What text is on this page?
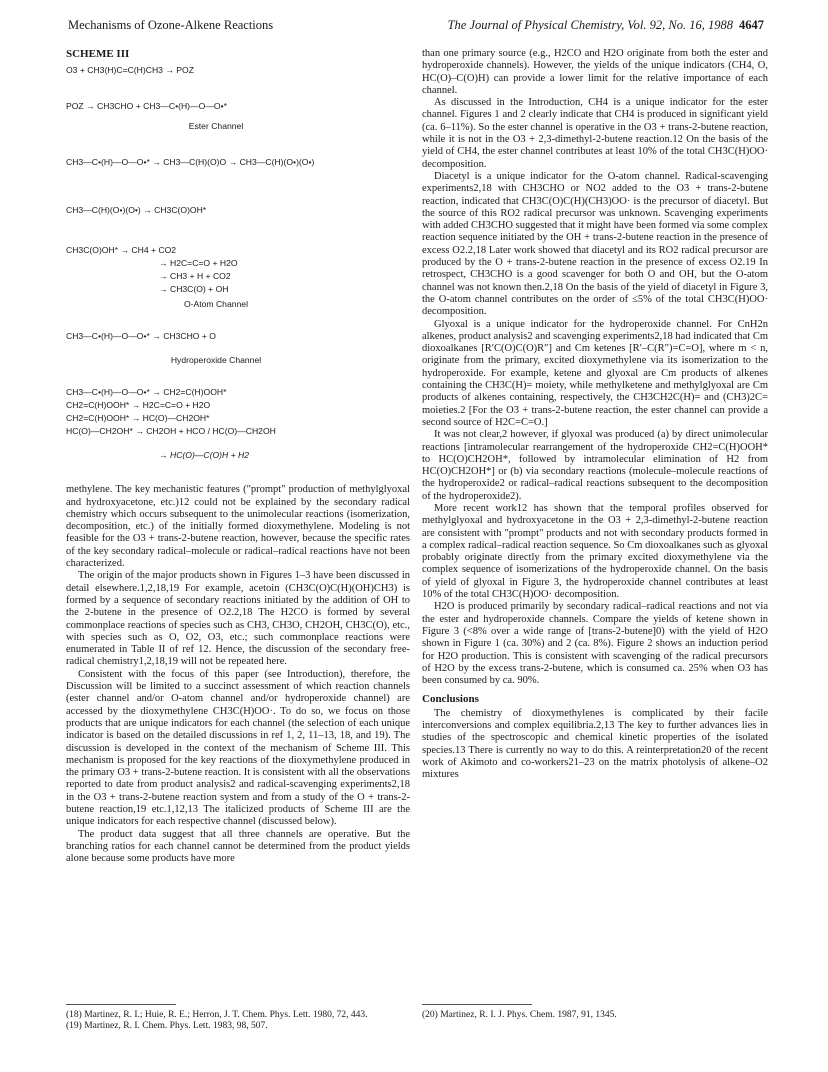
Mechanisms of Ozone-Alkene Reactions	The Journal of Physical Chemistry, Vol. 92, No. 16, 1988 4647
SCHEME III
O3 + CH3(H)C=C(H)CH3 → POZ
POZ → CH3CHO + CH3—C•(H)—O—O•*
Ester Channel
CH3—C•(H)—O—O•* → CH3—C(H)(O)O → CH3—C(H)(O•)(O•)
CH3—C(H)(O•)(O•) → CH3C(O)OH*
CH3C(O)OH* → CH4 + CO2
→ H2C=C=O + H2O
→ CH3 + H + CO2
→ CH3C(O) + OH
O-Atom Channel
CH3—C•(H)—O—O•* → CH3CHO + O
Hydroperoxide Channel
CH3—C•(H)—O—O•* → CH2=C(H)OOH*
CH2=C(H)OOH* → H2C=C=O + H2O
CH2=C(H)OOH* → HC(O)—CH2OH*
HC(O)—CH2OH* → CH2OH + HCO / HC(O)—CH2OH
→ HC(O)—C(O)H + H2

methylene. The key mechanistic features ("prompt" production of methylglyoxal and hydroxyacetone, etc.)12 could not be explained by the secondary radical chemistry which occurs subsequent to the unimolecular reactions (isomerization, decomposition, etc.) of the initially formed dioxymethylene. Modeling is not feasible for the O3 + trans-2-butene reaction, however, because the specific rates of the key secondary radical–molecule or radical–radical reactions have not been characterized.

The origin of the major products shown in Figures 1–3 have been discussed in detail elsewhere.1,2,18,19 For example, acetoin (CH3C(O)C(H)(OH)CH3) is formed by a sequence of secondary reactions initiated by the addition of OH to the 2-butene in the presence of O2.2,18 The H2CO is formed by several commonplace reactions of species such as CH3, CH3O, CH2OH, CH3C(O), etc., with species such as O, O2, O3, etc.; such commonplace reactions were enumerated in Table II of ref 12. Hence, the discussion of the secondary free-radical chemistry1,2,18,19 will not be repeated here.

Consistent with the focus of this paper (see Introduction), therefore, the Discussion will be limited to a succinct assessment of which reaction channels (ester channel and/or O-atom channel and/or hydroperoxide channel) are accessed by the dioxymethylene CH3C(H)OO·. To do so, we focus on those products that are unique indicators for each channel (the selection of each unique indicator is based on the detailed discussions in ref 1, 2, 11–13, 18, and 19). The discussion is developed in the context of the mechanism of Scheme III. This mechanism is proposed for the key reactions of the dioxymethylene produced in the primary O3 + trans-2-butene reaction. It is consistent with all the observations reported to date from product analysis2 and radical-scavenging experiments2,18 in the O3 + trans-2-butene reaction system and from a study of the O + trans-2-butene reaction,19 etc.1,12,13 The italicized products of Scheme III are the unique indicators for each respective channel (discussed below).

The product data suggest that all three channels are operative. But the branching ratios for each channel cannot be determined from the product yields alone because some products have more

than one primary source (e.g., H2CO and H2O originate from both the ester and hydroperoxide channels). However, the yields of the unique indicators (CH4, O, HC(O)–C(O)H) can provide a lower limit for the relative importance of each channel.

As discussed in the Introduction, CH4 is a unique indicator for the ester channel. Figures 1 and 2 clearly indicate that CH4 is produced in significant yield (ca. 6–11%). So the ester channel is operative in the O3 + trans-2-butene reaction, while it is not in the O3 + 2,3-dimethyl-2-butene reaction.12 On the basis of the yield of CH4, the ester channel contributes at least 10% of the total CH3C(H)OO· decomposition.

Diacetyl is a unique indicator for the O-atom channel. Radical-scavenging experiments2,18 with CH3CHO or NO2 added to the O3 + trans-2-butene reaction, indicated that CH3C(O)C(H)(CH3)OO· is the precursor of diacetyl. But the source of this RO2 radical precursor was unknown. Scavenging experiments with added CH3CHO suggested that it might have been formed via some complex reaction sequence initiated by the OH + trans-2-butene reaction in the presence of excess O2.2,18 Later work showed that diacetyl and its RO2 radical precursor are produced by the O + trans-2-butene reaction in the presence of excess O2.19 In retrospect, CH3CHO is a good scavenger for both O and OH, but the O-atom channel was not known then.2,18 On the basis of the yield of diacetyl in Figure 3, the O-atom channel contributes on the order of ≤5% of the total CH3C(H)OO· decomposition.

Glyoxal is a unique indicator for the hydroperoxide channel. For CnH2n alkenes, product analysis2 and scavenging experiments2,18 had indicated that Cm dioxoalkanes [R′C(O)C(O)R″] and Cm ketenes [R′–C(R″)=C=O], where m < n, originate from the primary, excited dioxymethylene via its isomerization to the hydroperoxide. For example, ketene and glyoxal are Cm products of alkenes containing the CH3C(H)= moiety, while methylketene and methylglyoxal are Cm products of alkenes containing, respectively, the CH3CH2C(H)= and (CH3)2C= moieties.2 [For the O3 + trans-2-butene reaction, the ester channel can provide a second source of H2C=C=O.]

It was not clear,2 however, if glyoxal was produced (a) by direct unimolecular reactions [intramolecular rearrangement of the hydroperoxide CH2=C(H)OOH* to HC(O)CH2OH*, followed by intramolecular elimination of H2 from HC(O)CH2OH*] or (b) via secondary reactions (molecule–molecule reactions of the hydroperoxide2 or radical–radical reactions subsequent to the decomposition of the hydroperoxide2).

More recent work12 has shown that the temporal profiles observed for methylglyoxal and hydroxyacetone in the O3 + 2,3-dimethyl-2-butene reaction are consistent with "prompt" products and not with secondary products formed in a complex radical–radical reaction sequence. So Cm dioxoalkanes such as glyoxal probably originate directly from the primary excited dioxymethylene via the complex sequence of isomerizations of the hydroperoxide channel. On the basis of yield of glyoxal in Figure 3, the hydroperoxide channel contributes at least 10% of the total CH3C(H)OO· decomposition.

H2O is produced primarily by secondary radical–radical reactions and not via the ester and hydroperoxide channels. Compare the yields of ketene shown in Figure 3 (<8% over a wide range of [trans-2-butene]0) with the yield of H2O shown in Figure 1 (ca. 30%) and 2 (ca. 8%). Figure 2 shows an induction period for H2O production. This is consistent with scavenging of the radical precursors of H2O by the excess trans-2-butene, which is consumed ca. 25% when O3 has been consumed by ca. 90%.

Conclusions

The chemistry of dioxymethylenes is complicated by their facile interconversions and complex equilibria.2,13 The key to further advances lies in studies of the spectroscopic and chemical kinetic properties of the isolated species.13 There is currently no way to do this. A reinterpretation20 of the recent work of Akimoto and co-workers21–23 on the matrix photolysis of alkene–O2 mixtures

(18) Martinez, R. I.; Huie, R. E.; Herron, J. T. Chem. Phys. Lett. 1980, 72, 443.
(19) Martinez, R. I. Chem. Phys. Lett. 1983, 98, 507.
(20) Martinez, R. I. J. Phys. Chem. 1987, 91, 1345.
